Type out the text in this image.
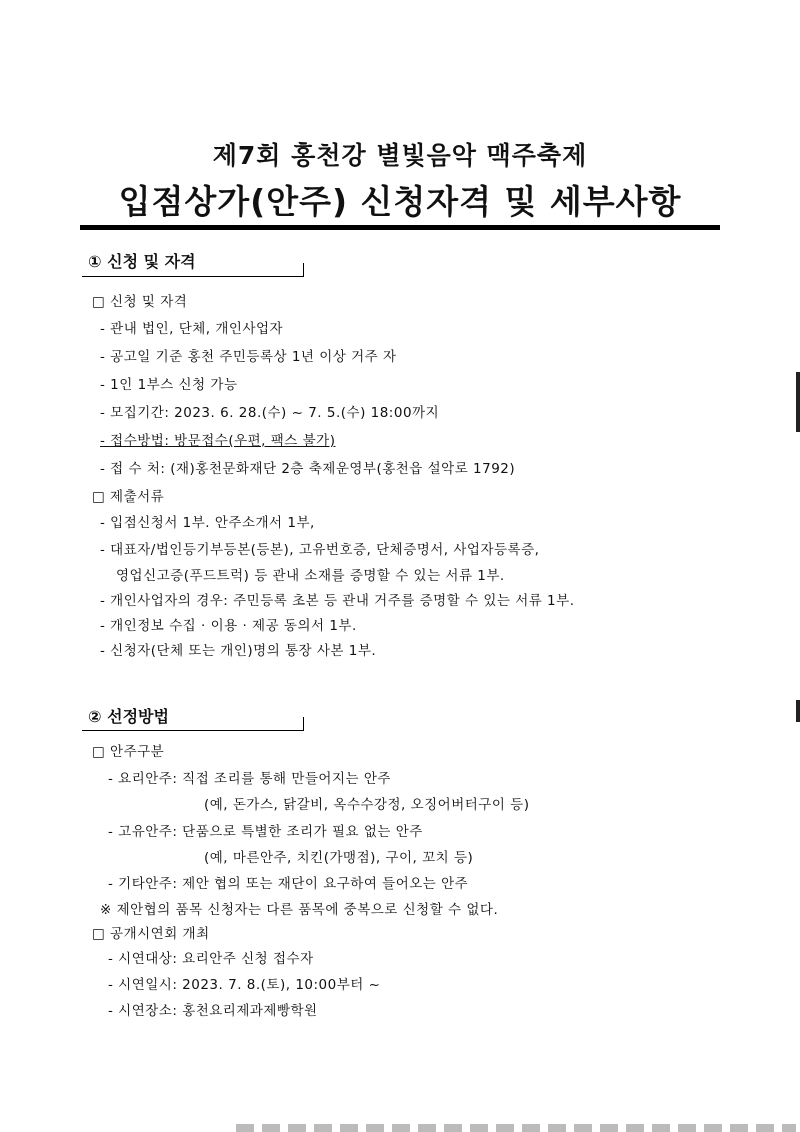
제7회 홍천강 별빛음악 맥주축제
입점상가(안주) 신청자격 및 세부사항
① 신청 및 자격
□ 신청 및 자격
- 관내 법인, 단체, 개인사업자
- 공고일 기준 홍천 주민등록상 1년 이상 거주 자
- 1인 1부스 신청 가능
- 모집기간: 2023. 6. 28.(수) ~ 7. 5.(수) 18:00까지
- 접수방법: 방문접수(우편, 팩스 불가)
- 접 수 처: (재)홍천문화재단 2층 축제운영부(홍천읍 설악로 1792)
□ 제출서류
- 입점신청서 1부. 안주소개서 1부,
- 대표자/법인등기부등본(등본), 고유번호증, 단체증명서, 사업자등록증,
영업신고증(푸드트럭) 등 관내 소재를 증명할 수 있는 서류 1부.
- 개인사업자의 경우: 주민등록 초본 등 관내 거주를 증명할 수 있는 서류 1부.
- 개인정보 수집 · 이용 · 제공 동의서 1부.
- 신청자(단체 또는 개인)명의 통장 사본 1부.
② 선정방법
□ 안주구분
- 요리안주: 직접 조리를 통해 만들어지는 안주
(예, 돈가스, 닭갈비, 옥수수강정, 오징어버터구이 등)
- 고유안주: 단품으로 특별한 조리가 필요 없는 안주
(예, 마른안주, 치킨(가맹점), 구이, 꼬치 등)
- 기타안주: 제안 협의 또는 재단이 요구하여 들어오는 안주
※ 제안협의 품목 신청자는 다른 품목에 중복으로 신청할 수 없다.
□ 공개시연회 개최
- 시연대상: 요리안주 신청 접수자
- 시연일시: 2023. 7. 8.(토), 10:00부터 ~
- 시연장소: 홍천요리제과제빵학원
